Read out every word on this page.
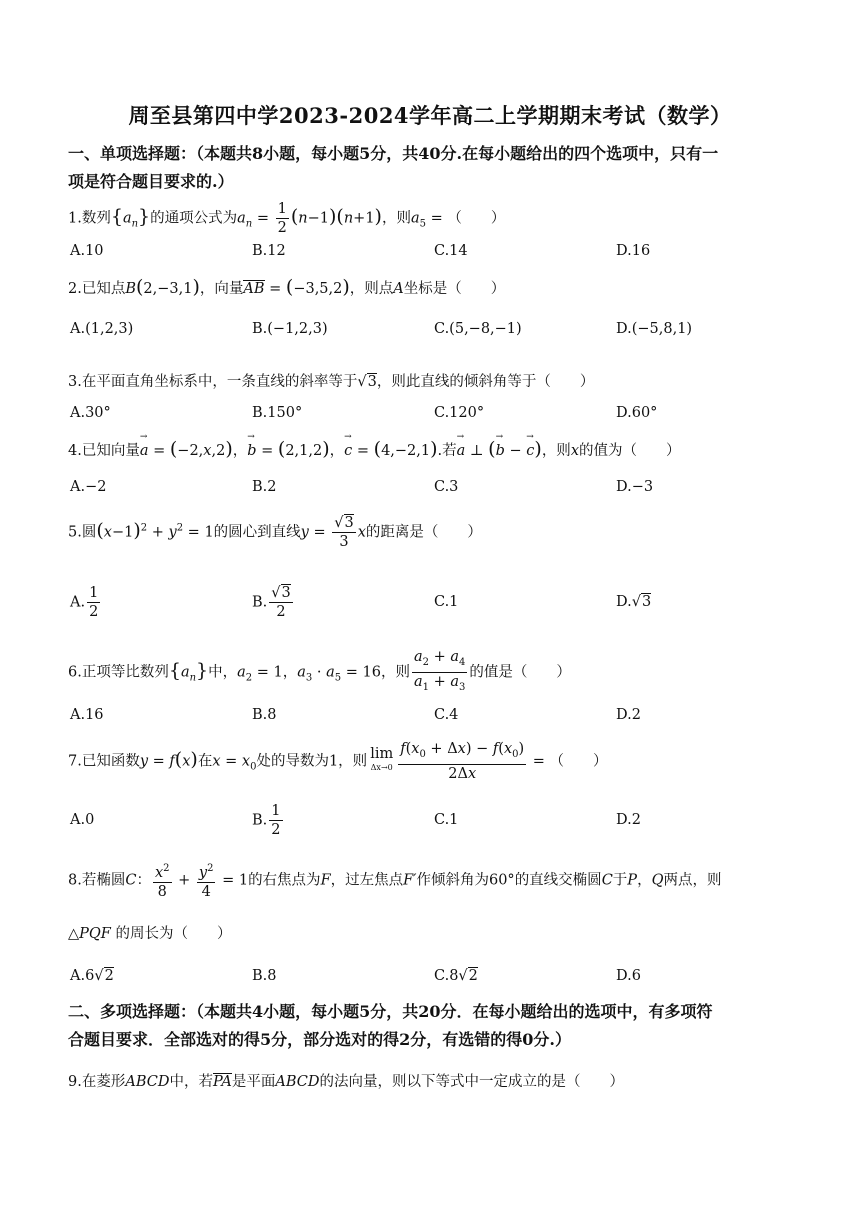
周至县第四中学2023-2024学年高二上学期期末考试（数学）
一、单项选择题：（本题共8小题，每小题5分，共40分.在每小题给出的四个选项中，只有一
项是符合题目要求的.）
1.数列$\{a_n\}$的通项公式为$a_n = \frac{1}{2} (n-1)(n+1)$，则$a_5$ = （　　）
A.10	B.12	C.14	D.16
2.已知点B(2,−3,1)，向量AB = (−3,5,2)，则点A坐标是（　　）
A.(1,2,3)	B.(−1,2,3)	C.(5,−8,−1)	D.(−5,8,1)
3.在平面直角坐标系中，一条直线的斜率等于√3，则此直线的倾斜角等于（　　）
A.30°	B.150°	C.120°	D.60°
4.已知向量→ a = (−2,x,2)，→ b = (2,1,2)，→ c = (4,−2,1).若→ a ⊥ (→ b − → c)，则x的值为（　　）
A.−2	B.2	C.3	D.−3
5.圆$(x-1)^2 + y^2 = 1$的圆心到直线$y = \frac{√3}{3}$ x的距离是（　　）
A. $\frac{1}{2}$	B. $\frac{√3}{2}$	C.1	D.√3
6.正项等比数列$\{a_n\}$中，$a_2 = 1$，$a_3 \cdot a_5 = 16$，则 $\frac{a_2 + a_4}{a_1 + a_3}$ 的值是（　　）
A.16	B.8	C.4	D.2
7.已知函数y = f(x)在$x = x_0$处的导数为1，则 lim
$\Delta x\to 0 \frac{f(x_0 + \Delta x) - f(x_0)}{2\Delta x}$ = （　　）
A.0	B. $\frac{1}{2}$	C.1	D.2
8.若椭圆C： $\frac{x^2}{8} + \frac{y^2}{4} = 1$的右焦点为F，过左焦点F′作倾斜角为60°的直线交椭圆C于P，Q两点，则
△PQF 的周长为（　　）
A.6√2	B.8	C.8√2	D.6
二、多项选择题：（本题共4小题，每小题5分，共20分．在每小题给出的选项中，有多项符
合题目要求．全部选对的得5分，部分选对的得2分，有选错的得0分.）
9.在菱形ABCD中，若PA是平面ABCD的法向量，则以下等式中一定成立的是（　　）
